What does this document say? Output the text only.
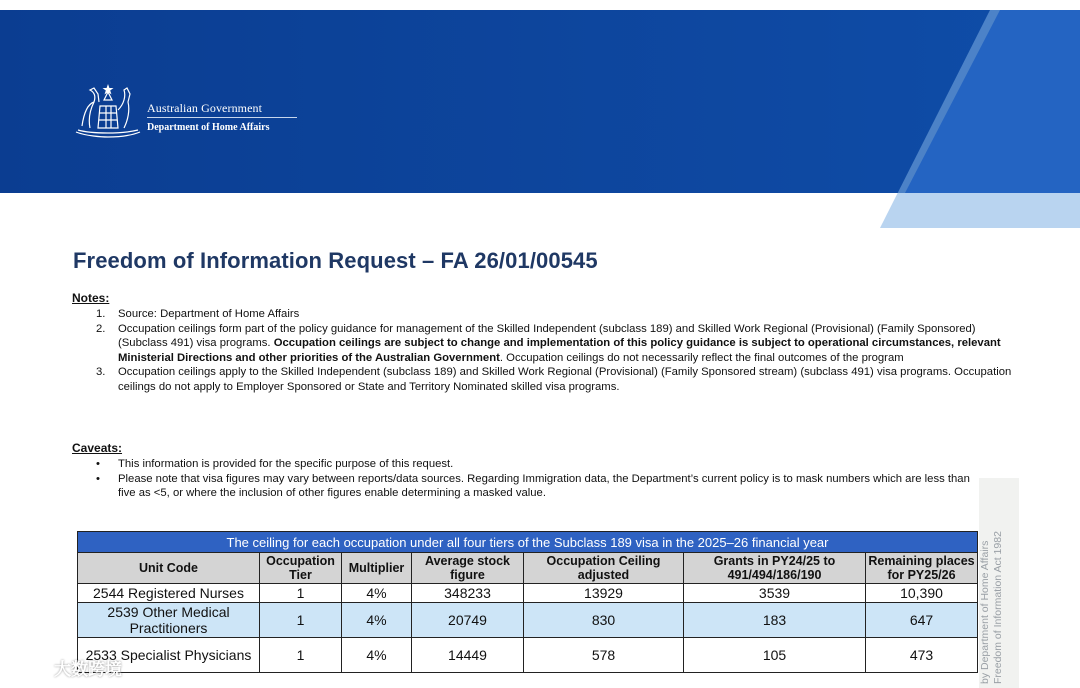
Australian Government
Department of Home Affairs
Freedom of Information Request – FA 26/01/00545
Notes:
1. Source: Department of Home Affairs
2. Occupation ceilings form part of the policy guidance for management of the Skilled Independent (subclass 189) and Skilled Work Regional (Provisional) (Family Sponsored) (Subclass 491) visa programs. Occupation ceilings are subject to change and implementation of this policy guidance is subject to operational circumstances, relevant Ministerial Directions and other priorities of the Australian Government. Occupation ceilings do not necessarily reflect the final outcomes of the program
3. Occupation ceilings apply to the Skilled Independent (subclass 189) and Skilled Work Regional (Provisional) (Family Sponsored stream) (subclass 491) visa programs. Occupation ceilings do not apply to Employer Sponsored or State and Territory Nominated skilled visa programs.
Caveats:
• This information is provided for the specific purpose of this request.
• Please note that visa figures may vary between reports/data sources. Regarding Immigration data, the Department’s current policy is to mask numbers which are less than five as <5, or where the inclusion of other figures enable determining a masked value.
by Department of Home Affairs Freedom of Information Act 1982
The ceiling for each occupation under all four tiers of the Subclass 189 visa in the 2025–26 financial year						
Unit Code	Occupation Tier	Multiplier	Average stock figure	Occupation Ceiling adjusted	Grants in PY24/25 to 491/494/186/190	Remaining places for PY25/26
2544 Registered Nurses	1	4%	348233	13929	3539	10,390
2539 Other Medical Practitioners	1	4%	20749	830	183	647
2533 Specialist Physicians	1	4%	14449	578	105	473
大数跨境
